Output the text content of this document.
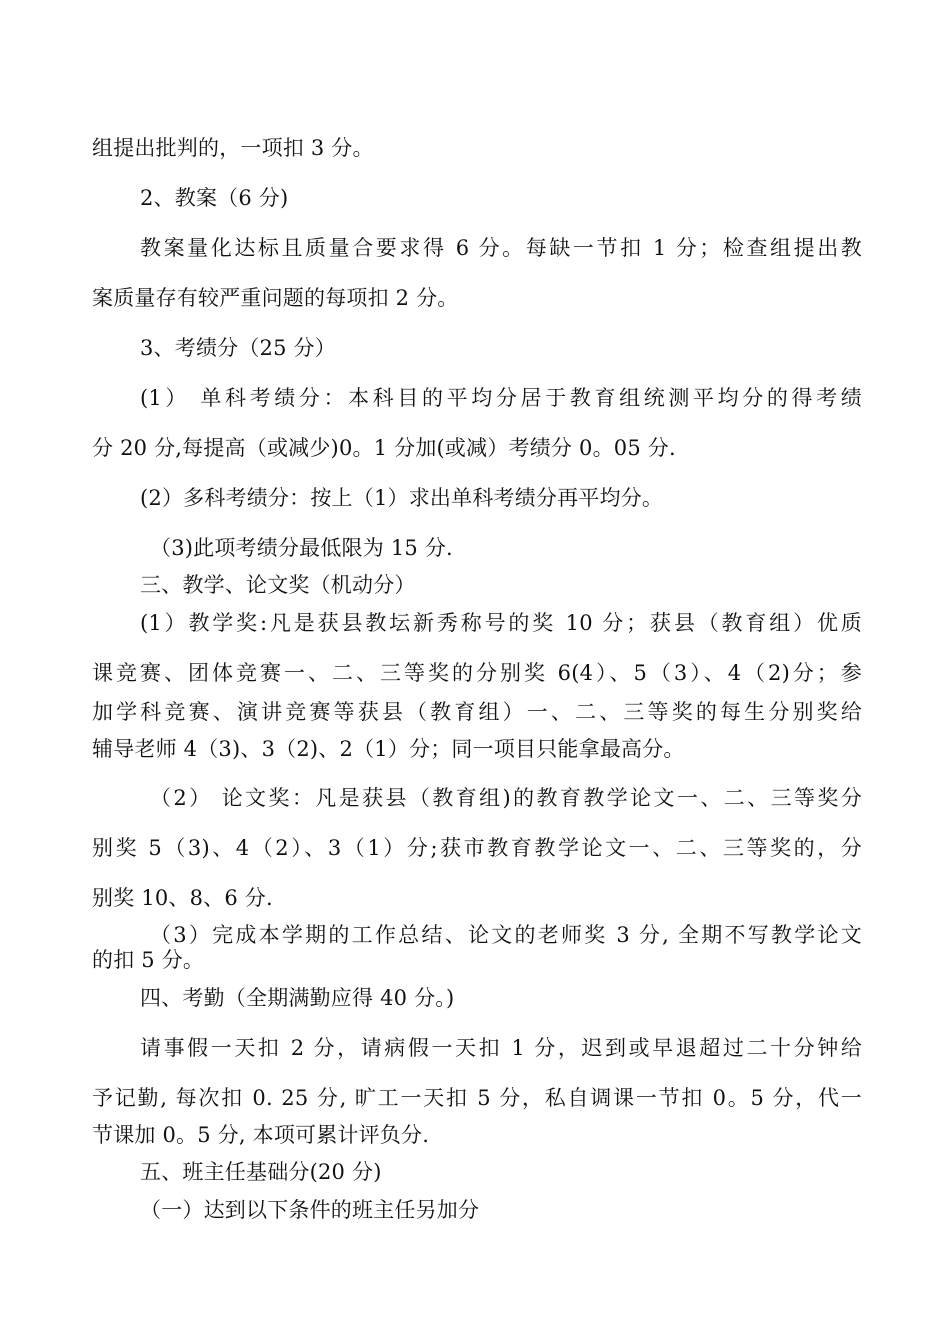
组提出批判的，一项扣 3 分。
2、教案（6 分)
教案量化达标且质量合要求得 6 分。每缺一节扣 1 分；检查组提出教
案质量存有较严重问题的每项扣 2 分。
3、考绩分（25 分）
(1） 单科考绩分：本科目的平均分居于教育组统测平均分的得考绩
分 20 分,每提高（或减少)0。1 分加(或减）考绩分 0。05 分.
(2）多科考绩分：按上（1）求出单科考绩分再平均分。
（3)此项考绩分最低限为 15 分.
三、教学、论文奖（机动分）
(1）教学奖:凡是获县教坛新秀称号的奖 10 分；获县（教育组）优质
课竞赛、团体竞赛一、二、三等奖的分别奖 6(4）、5（3）、4（2)分；参
加学科竞赛、演讲竞赛等获县（教育组）一、二、三等奖的每生分别奖给
辅导老师 4（3)、3（2)、2（1）分；同一项目只能拿最高分。
（2） 论文奖：凡是获县（教育组)的教育教学论文一、二、三等奖分
别奖 5（3)、4（2）、3（1）分;获市教育教学论文一、二、三等奖的，分
别奖 10、8、6 分.
（3）完成本学期的工作总结、论文的老师奖 3 分, 全期不写教学论文
的扣 5 分。
四、考勤（全期满勤应得 40 分。)
请事假一天扣 2 分，请病假一天扣 1 分，迟到或早退超过二十分钟给
予记勤, 每次扣 0. 25 分, 旷工一天扣 5 分，私自调课一节扣 0。5 分，代一
节课加 0。5 分, 本项可累计评负分.
五、班主任基础分(20 分)
（一）达到以下条件的班主任另加分
